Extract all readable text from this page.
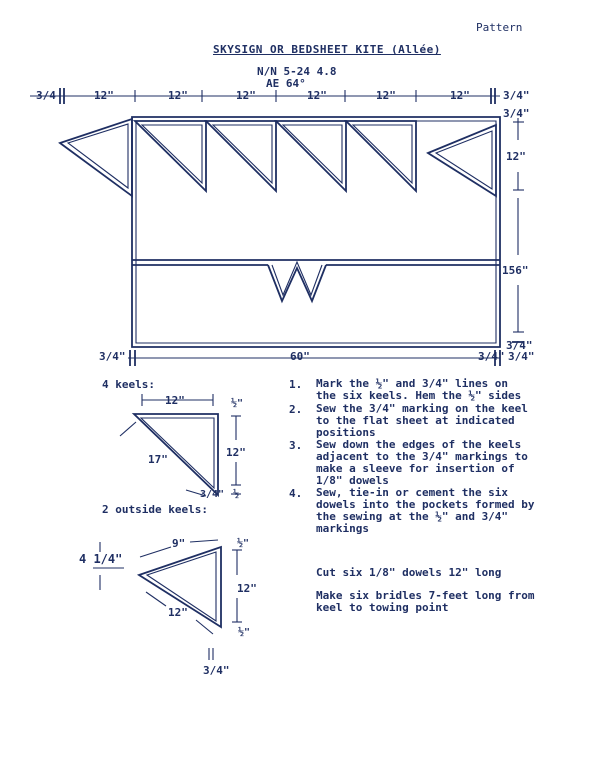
Pattern
SKYSIGN OR BEDSHEET KITE (Allée)
N/N 5-24 4.8
AE 64°
3/4	12"	12"	12"	12"	12"	12"	3/4"
3/4"
12"
156"
3/4"
3/4"
3/4"	60"	3/4"
4 keels:
12"	½"
12"
17"
3/4" ½
2 outside keels:
4 1/4"
9"	½"
12"
12"
½"
3/4"
1. Mark the ½" and 3/4" lines on the six keels. Hem the ½" sides
2. Sew the 3/4" marking on the keel to the flat sheet at indicated positions
3. Sew down the edges of the keels adjacent to the 3/4" markings to make a sleeve for insertion of 1/8" dowels
4. Sew, tie-in or cement the six dowels into the pockets formed by the sewing at the ½" and 3/4" markings
Cut six 1/8" dowels 12" long
Make six bridles 7-feet long from keel to towing point
